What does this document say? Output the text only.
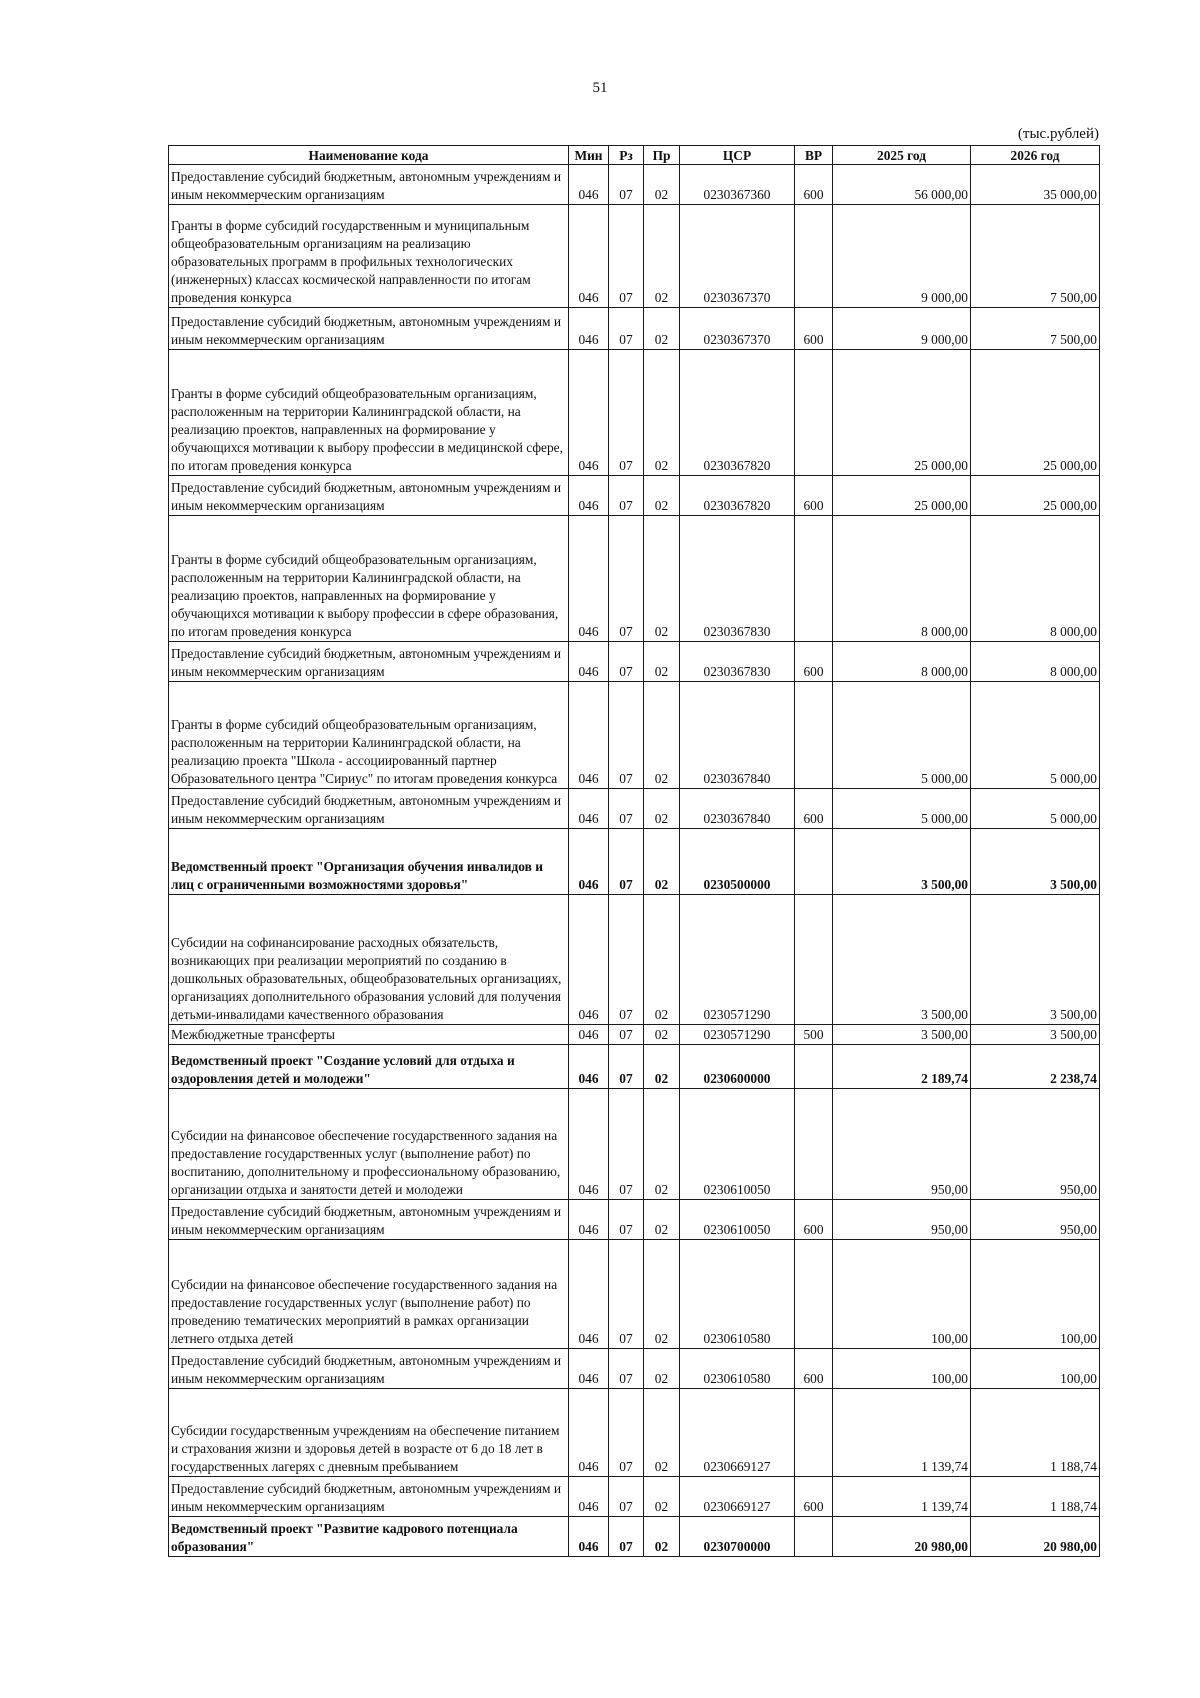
51
(тыс.рублей)
Наименование кода	Мин	Рз	Пр	ЦСР	ВР	2025 год	2026 год
Предоставление субсидий бюджетным, автономным учреждениям и иным некоммерческим организациям	046	07	02	0230367360	600	56 000,00	35 000,00
Гранты в форме субсидий государственным и муниципальным общеобразовательным организациям на реализацию образовательных программ в профильных технологических (инженерных) классах космической направленности по итогам проведения конкурса	046	07	02	0230367370		9 000,00	7 500,00
Предоставление субсидий бюджетным, автономным учреждениям и иным некоммерческим организациям	046	07	02	0230367370	600	9 000,00	7 500,00
Гранты в форме субсидий общеобразовательным организациям, расположенным на территории Калининградской области, на реализацию проектов, направленных на формирование у обучающихся мотивации к выбору профессии в медицинской сфере, по итогам проведения конкурса	046	07	02	0230367820		25 000,00	25 000,00
Предоставление субсидий бюджетным, автономным учреждениям и иным некоммерческим организациям	046	07	02	0230367820	600	25 000,00	25 000,00
Гранты в форме субсидий общеобразовательным организациям, расположенным на территории Калининградской области, на реализацию проектов, направленных на формирование у обучающихся мотивации к выбору профессии в сфере образования, по итогам проведения конкурса	046	07	02	0230367830		8 000,00	8 000,00
Предоставление субсидий бюджетным, автономным учреждениям и иным некоммерческим организациям	046	07	02	0230367830	600	8 000,00	8 000,00
Гранты в форме субсидий общеобразовательным организациям, расположенным на территории Калининградской области, на реализацию проекта "Школа - ассоциированный партнер Образовательного центра "Сириус" по итогам проведения конкурса	046	07	02	0230367840		5 000,00	5 000,00
Предоставление субсидий бюджетным, автономным учреждениям и иным некоммерческим организациям	046	07	02	0230367840	600	5 000,00	5 000,00
Ведомственный проект "Организация обучения инвалидов и лиц с ограниченными возможностями здоровья"	046	07	02	0230500000		3 500,00	3 500,00
Субсидии на софинансирование расходных обязательств, возникающих при реализации мероприятий по созданию в дошкольных образовательных, общеобразовательных организациях, организациях дополнительного образования условий для получения детьми-инвалидами качественного образования	046	07	02	0230571290		3 500,00	3 500,00
Межбюджетные трансферты	046	07	02	0230571290	500	3 500,00	3 500,00
Ведомственный проект "Создание условий для отдыха и оздоровления детей и молодежи"	046	07	02	0230600000		2 189,74	2 238,74
Субсидии на финансовое обеспечение государственного задания на предоставление государственных услуг (выполнение работ) по воспитанию, дополнительному и профессиональному образованию, организации отдыха и занятости детей и молодежи	046	07	02	0230610050		950,00	950,00
Предоставление субсидий бюджетным, автономным учреждениям и иным некоммерческим организациям	046	07	02	0230610050	600	950,00	950,00
Субсидии на финансовое обеспечение государственного задания на предоставление государственных услуг (выполнение работ) по проведению тематических мероприятий в рамках организации летнего отдыха детей	046	07	02	0230610580		100,00	100,00
Предоставление субсидий бюджетным, автономным учреждениям и иным некоммерческим организациям	046	07	02	0230610580	600	100,00	100,00
Субсидии государственным учреждениям на обеспечение питанием и страхования жизни и здоровья детей в возрасте от 6 до 18 лет в государственных лагерях с дневным пребыванием	046	07	02	0230669127		1 139,74	1 188,74
Предоставление субсидий бюджетным, автономным учреждениям и иным некоммерческим организациям	046	07	02	0230669127	600	1 139,74	1 188,74
Ведомственный проект "Развитие кадрового потенциала образования"	046	07	02	0230700000		20 980,00	20 980,00
